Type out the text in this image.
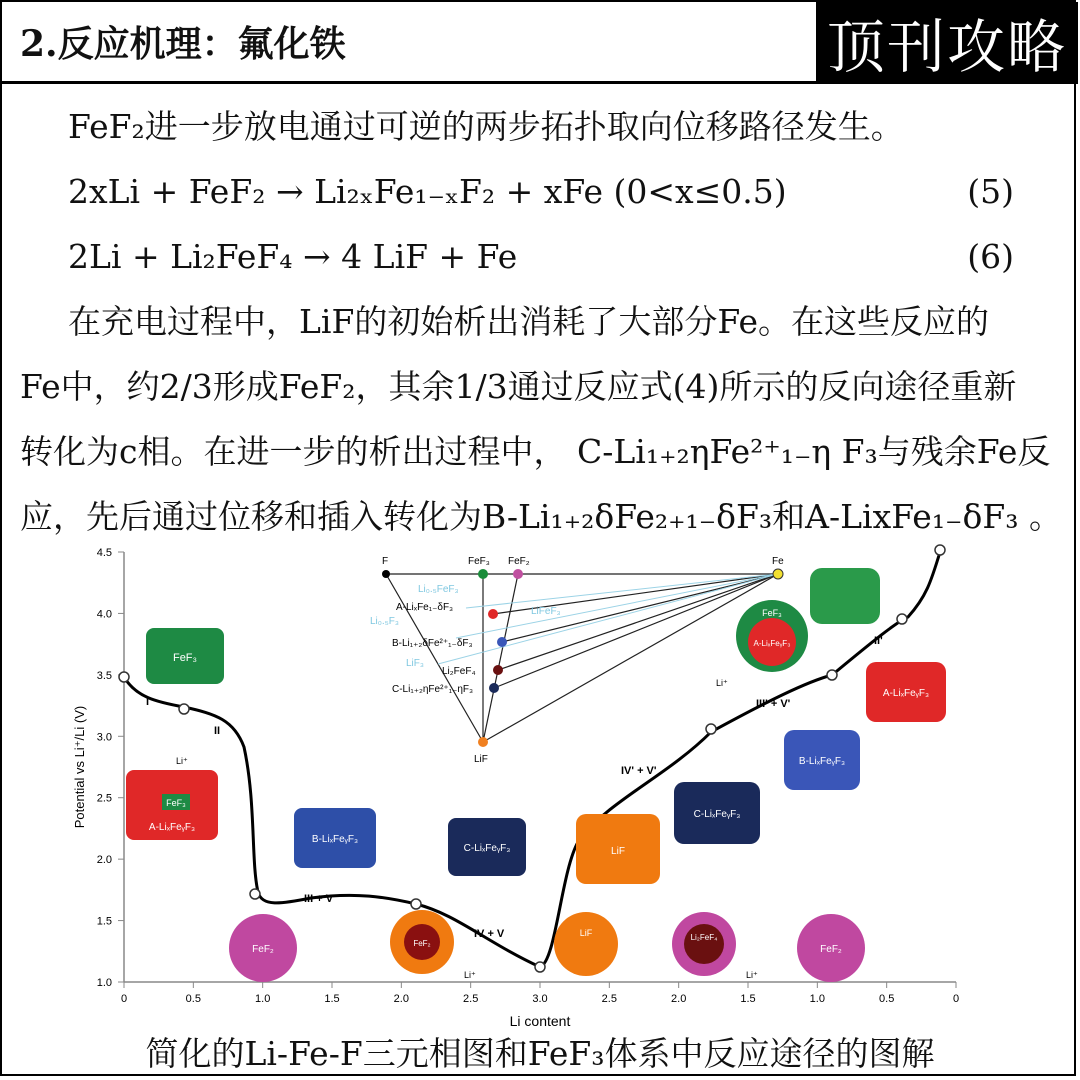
2.反应机理：氟化铁	顶刊攻略
FeF₂进一步放电通过可逆的两步拓扑取向位移路径发生。
2xLi + FeF₂ → Li₂ₓFe₁₋ₓF₂ + xFe (0<x≤0.5)	(5)
2Li + Li₂FeF₄ → 4 LiF + Fe	(6)
在充电过程中，LiF的初始析出消耗了大部分Fe。在这些反应的
Fe中，约2/3形成FeF₂，其余1/3通过反应式(4)所示的反向途径重新
转化为c相。在进一步的析出过程中， C-Li₁₊₂ηFe²⁺₁₋η F₃与残余Fe反
应，先后通过位移和插入转化为B-Li₁₊₂δFe₂₊₁₋δF₃和A-LixFe₁₋δF₃ 。
1.0
1.5
2.0
2.5
3.0
3.5
4.0
4.5
0	0.5	1.0	1.5	2.0	2.5	3.0	2.5	2.0	1.5	1.0	0.5	0
Potential vs Li⁺/Li (V)
Li content
I
II
III + V
IV + V
IV' + V'
III' + V'
II'
F	FeF₃ FeF₂	Fe
Li₀.₅FeF₃
A-LiₓFe₁₋δF₃	LiFeF₃
Li₀.₅F₃
B-Li₁₊₂δFe²⁺₁₋δF₃
LiF₃
Li₂FeF₄
C-Li₁₊₂ηFe²⁺₁₋ηF₃
LiF
FeF₃
FeF₃
A-LiₓFeᵧF₃
Li⁺
B-LiₓFeᵧF₃
C-LiₓFeᵧF₃	LiF
C-LiₓFeᵧF₃
B-LiₓFeᵧF₃
A-LiₓFeᵧF₃
FeF₃
A-LiₓFeᵧF₃
Li⁺
FeF₂
FeF₂
Li⁺
LiF	Li₂FeF₄
Li⁺
FeF₂
简化的Li-Fe-F三元相图和FeF₃体系中反应途径的图解
